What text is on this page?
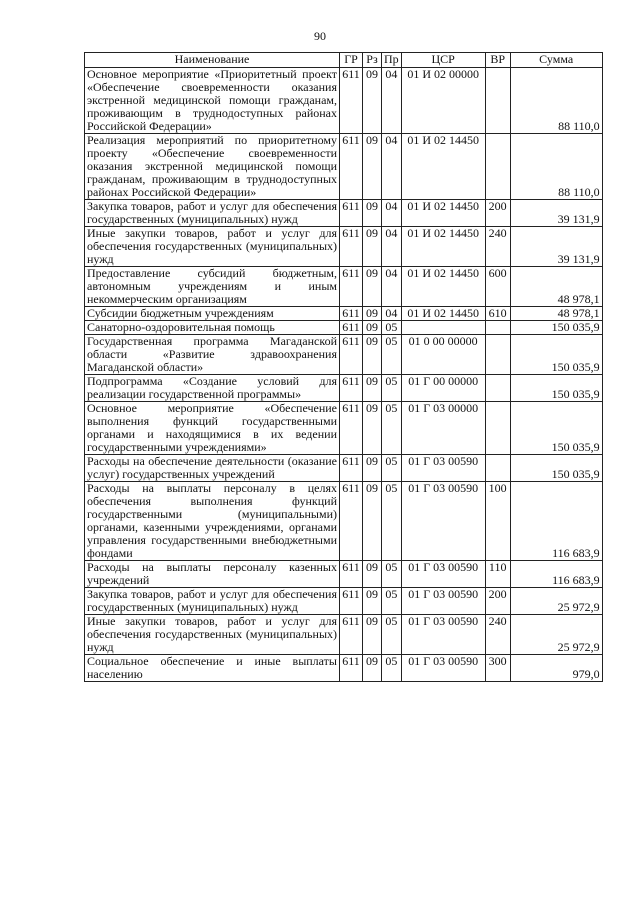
90
Наименование	ГР	Рз	Пр	ЦСР	ВР	Сумма
Основное мероприятие «Приоритетный проект «Обеспечение своевременности оказания экстренной медицинской помощи гражданам, проживающим в труднодоступных районах Российской Федерации»	611	09	04	01 И 02 00000		88 110,0
Реализация мероприятий по приоритетному проекту «Обеспечение своевременности оказания экстренной медицинской помощи гражданам, проживающим в труднодоступных районах Российской Федерации»	611	09	04	01 И 02 14450		88 110,0
Закупка товаров, работ и услуг для обеспечения государственных (муниципальных) нужд	611	09	04	01 И 02 14450	200	39 131,9
Иные закупки товаров, работ и услуг для обеспечения государственных (муниципальных) нужд	611	09	04	01 И 02 14450	240	39 131,9
Предоставление субсидий бюджетным, автономным учреждениям и иным некоммерческим организациям	611	09	04	01 И 02 14450	600	48 978,1
Субсидии бюджетным учреждениям	611	09	04	01 И 02 14450	610	48 978,1
Санаторно-оздоровительная помощь	611	09	05			150 035,9
Государственная программа Магаданской области «Развитие здравоохранения Магаданской области»	611	09	05	01 0 00 00000		150 035,9
Подпрограмма «Создание условий для реализации государственной программы»	611	09	05	01 Г 00 00000		150 035,9
Основное мероприятие «Обеспечение выполнения функций государственными органами и находящимися в их ведении государственными учреждениями»	611	09	05	01 Г 03 00000		150 035,9
Расходы на обеспечение деятельности (оказание услуг) государственных учреждений	611	09	05	01 Г 03 00590		150 035,9
Расходы на выплаты персоналу в целях обеспечения выполнения функций государственными (муниципальными) органами, казенными учреждениями, органами управления государственными внебюджетными фондами	611	09	05	01 Г 03 00590	100	116 683,9
Расходы на выплаты персоналу казенных учреждений	611	09	05	01 Г 03 00590	110	116 683,9
Закупка товаров, работ и услуг для обеспечения государственных (муниципальных) нужд	611	09	05	01 Г 03 00590	200	25 972,9
Иные закупки товаров, работ и услуг для обеспечения государственных (муниципальных) нужд	611	09	05	01 Г 03 00590	240	25 972,9
Социальное обеспечение и иные выплаты населению	611	09	05	01 Г 03 00590	300	979,0
